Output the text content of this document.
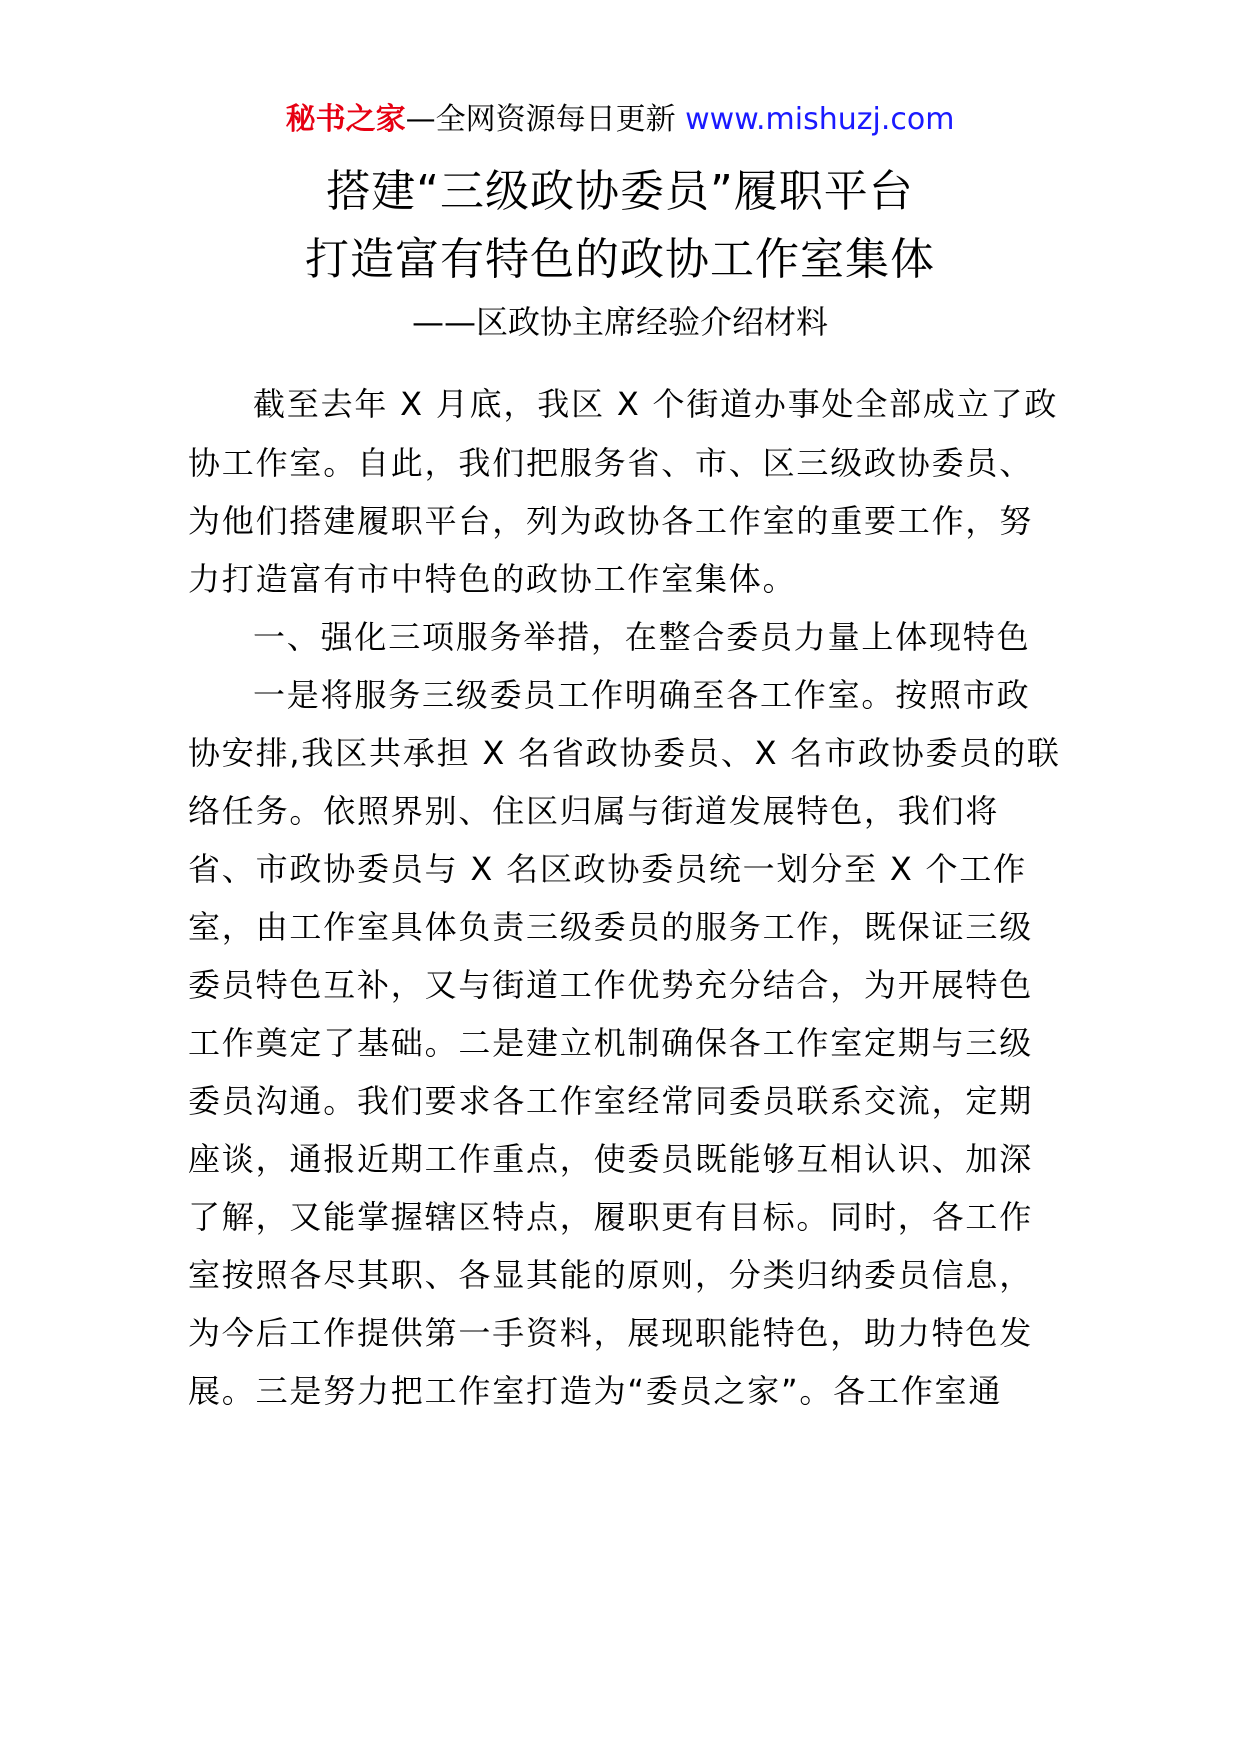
秘书之家—全网资源每日更新 www.mishuzj.com
搭建“三级政协委员”履职平台
打造富有特色的政协工作室集体
——区政协主席经验介绍材料
截至去年 X 月底，我区 X 个街道办事处全部成立了政
协工作室。自此，我们把服务省、市、区三级政协委员、
为他们搭建履职平台，列为政协各工作室的重要工作，努
力打造富有市中特色的政协工作室集体。
一、强化三项服务举措，在整合委员力量上体现特色
一是将服务三级委员工作明确至各工作室。按照市政
协安排,我区共承担 X 名省政协委员、X 名市政协委员的联
络任务。依照界别、住区归属与街道发展特色，我们将
省、市政协委员与 X 名区政协委员统一划分至 X 个工作
室，由工作室具体负责三级委员的服务工作，既保证三级
委员特色互补，又与街道工作优势充分结合，为开展特色
工作奠定了基础。二是建立机制确保各工作室定期与三级
委员沟通。我们要求各工作室经常同委员联系交流，定期
座谈，通报近期工作重点，使委员既能够互相认识、加深
了解，又能掌握辖区特点，履职更有目标。同时，各工作
室按照各尽其职、各显其能的原则，分类归纳委员信息，
为今后工作提供第一手资料，展现职能特色，助力特色发
展。三是努力把工作室打造为“委员之家”。各工作室通
